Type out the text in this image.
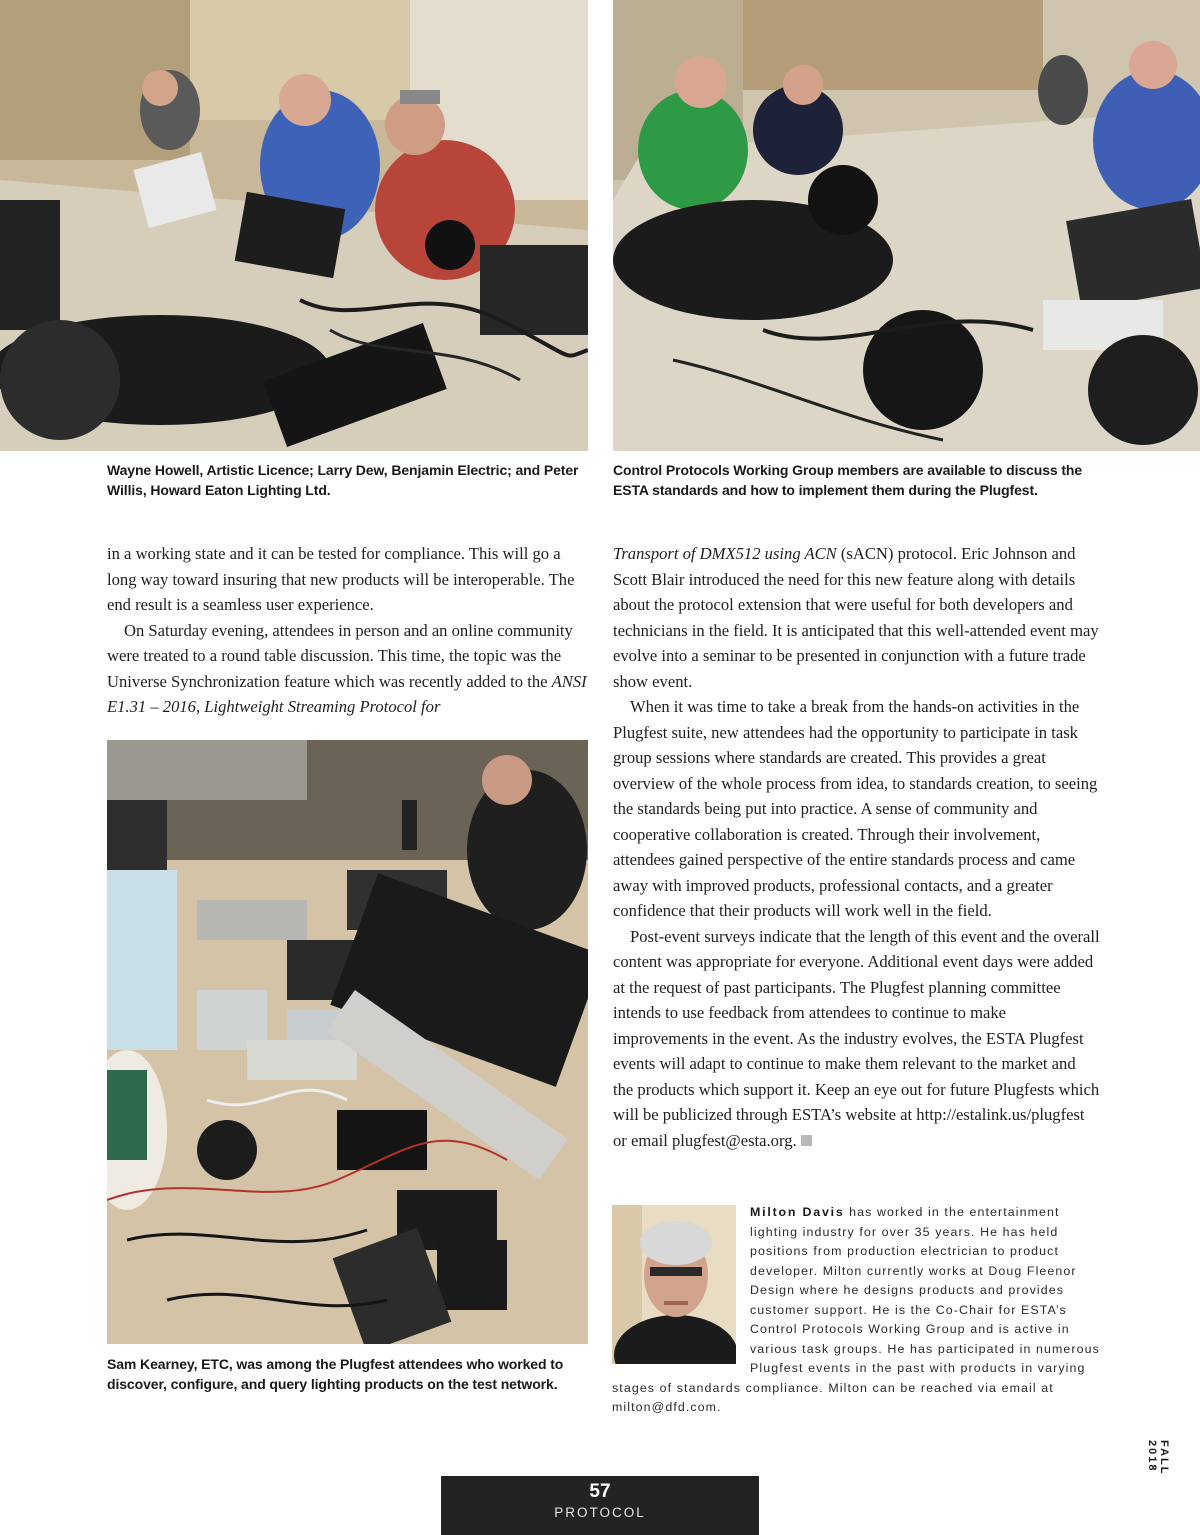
Wayne Howell, Artistic Licence; Larry Dew, Benjamin Electric; and Peter Willis, Howard Eaton Lighting Ltd.
Control Protocols Working Group members are available to discuss the ESTA standards and how to implement them during the Plugfest.

in a working state and it can be tested for compliance. This will go a long way toward insuring that new products will be interoperable. The end result is a seamless user experience.

On Saturday evening, attendees in person and an online community were treated to a round table discussion. This time, the topic was the Universe Synchronization feature which was recently added to the ANSI E1.31 – 2016, Lightweight Streaming Protocol for

Sam Kearney, ETC, was among the Plugfest attendees who worked to discover, configure, and query lighting products on the test network.

Transport of DMX512 using ACN (sACN) protocol. Eric Johnson and Scott Blair introduced the need for this new feature along with details about the protocol extension that were useful for both developers and technicians in the field. It is anticipated that this well-attended event may evolve into a seminar to be presented in conjunction with a future trade show event.

When it was time to take a break from the hands-on activities in the Plugfest suite, new attendees had the opportunity to participate in task group sessions where standards are created. This provides a great overview of the whole process from idea, to standards creation, to seeing the standards being put into practice. A sense of community and cooperative collaboration is created. Through their involvement, attendees gained perspective of the entire standards process and came away with improved products, professional contacts, and a greater confidence that their products will work well in the field.

Post-event surveys indicate that the length of this event and the overall content was appropriate for everyone. Additional event days were added at the request of past participants. The Plugfest planning committee intends to use feedback from attendees to continue to make improvements in the event. As the industry evolves, the ESTA Plugfest events will adapt to continue to make them relevant to the market and the products which support it. Keep an eye out for future Plugfests which will be publicized through ESTA’s website at http://estalink.us/plugfest or email plugfest@esta.org.

Milton Davis has worked in the entertainment lighting industry for over 35 years. He has held positions from production electrician to product developer. Milton currently works at Doug Fleenor Design where he designs products and provides customer support. He is the Co-Chair for ESTA’s Control Protocols Working Group and is active in various task groups. He has participated in numerous Plugfest events in the past with products in varying stages of standards compliance. Milton can be reached via email at milton@dfd.com.
FALL 2018
57
PROTOCOL
